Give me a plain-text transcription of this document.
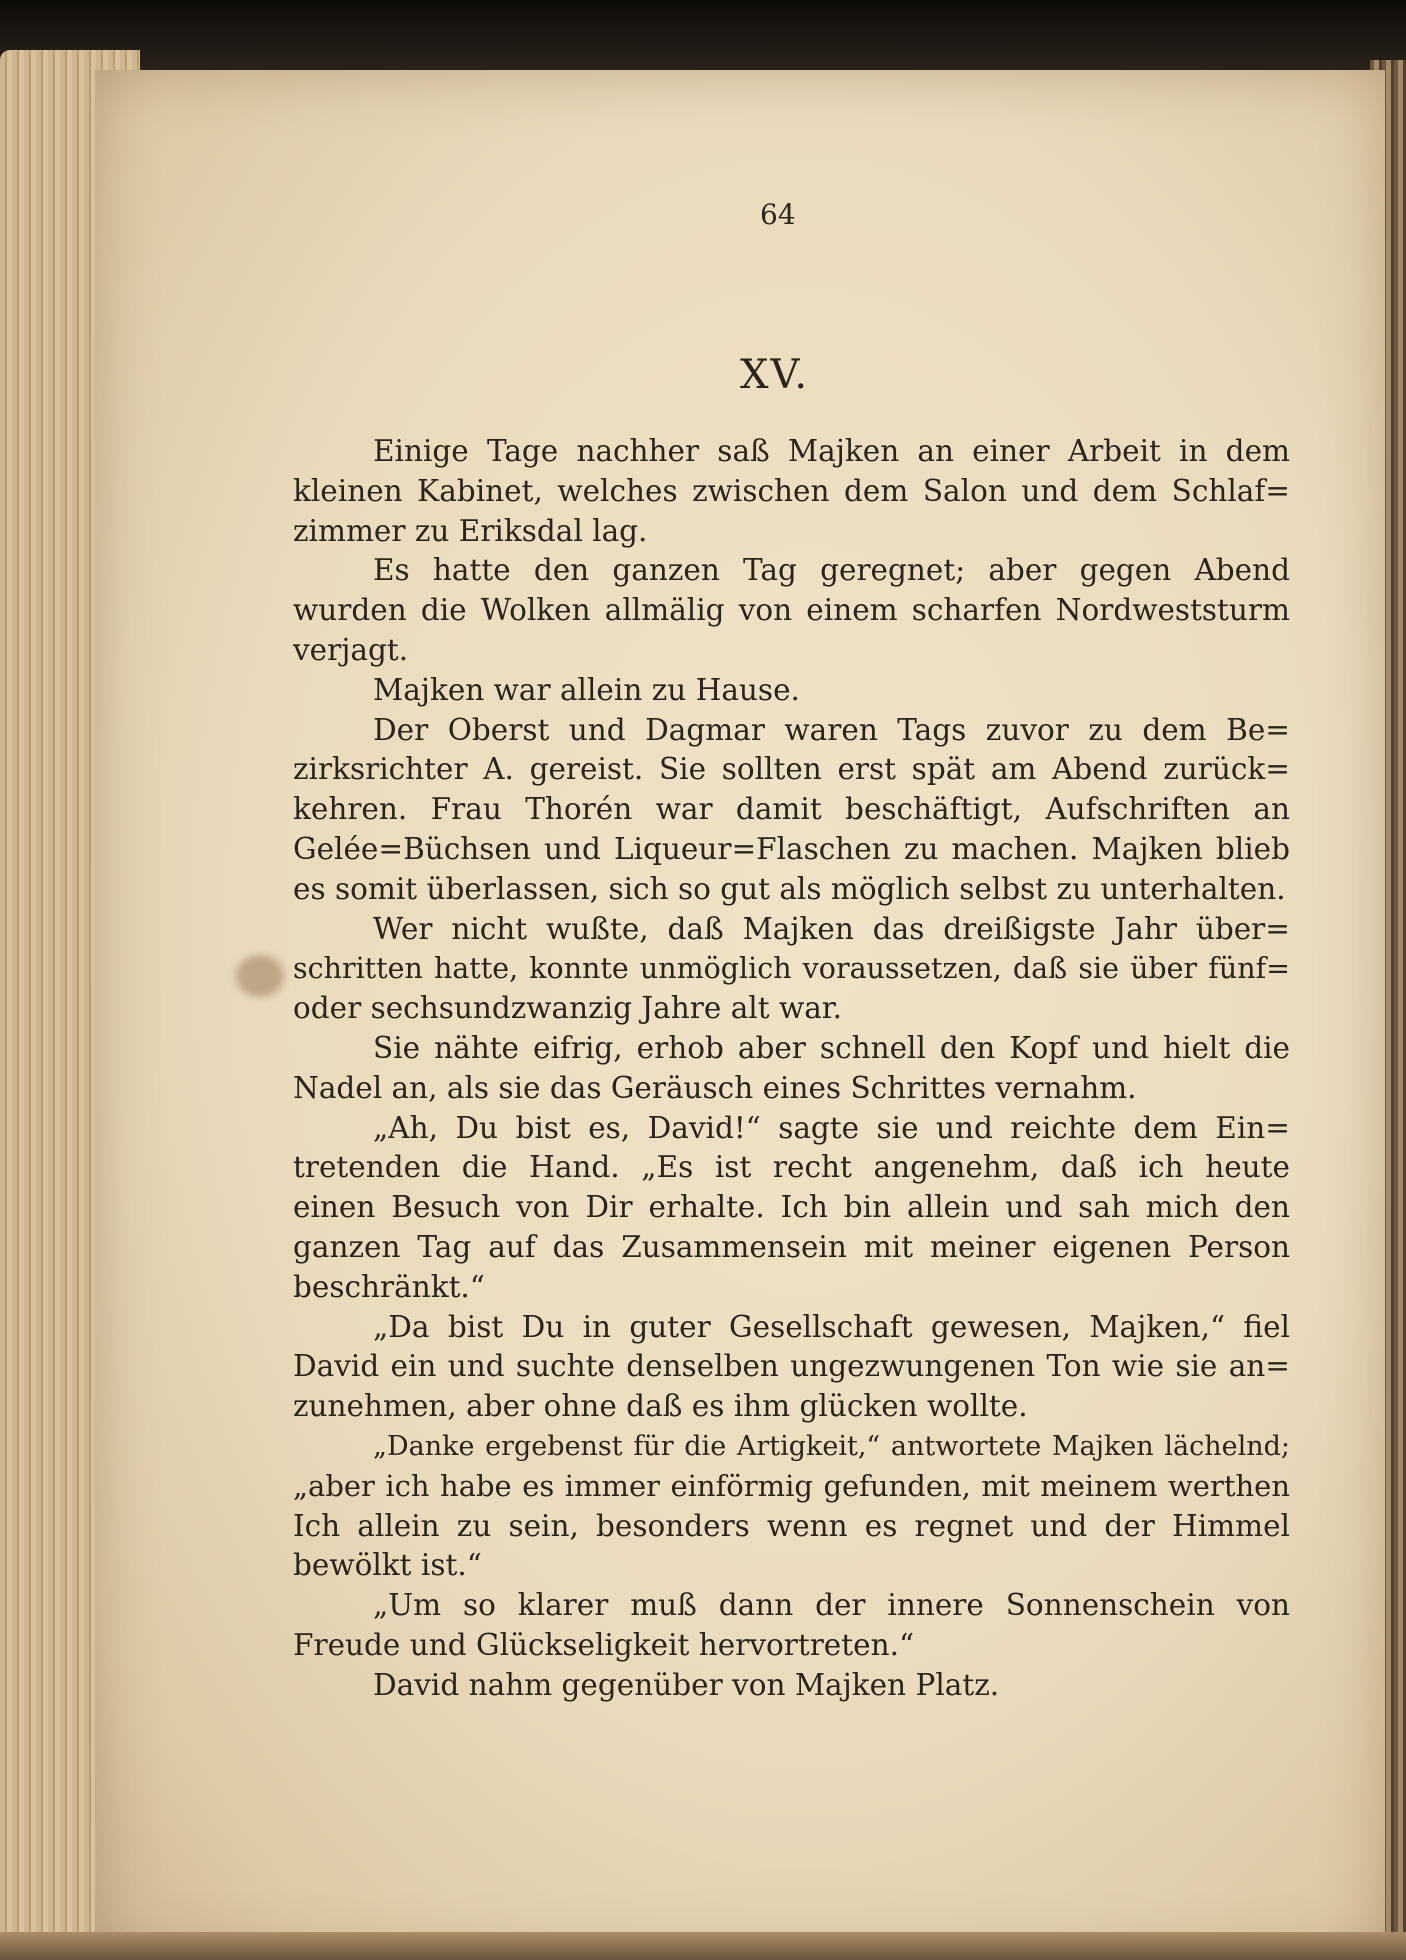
64
XV.
Einige Tage nachher saß Majken an einer Arbeit in dem
kleinen Kabinet, welches zwischen dem Salon und dem Schlaf=
zimmer zu Eriksdal lag.
Es hatte den ganzen Tag geregnet; aber gegen Abend
wurden die Wolken allmälig von einem scharfen Nordweststurm
verjagt.
Majken war allein zu Hause.
Der Oberst und Dagmar waren Tags zuvor zu dem Be=
zirksrichter A. gereist. Sie sollten erst spät am Abend zurück=
kehren. Frau Thorén war damit beschäftigt, Aufschriften an
Gelée=Büchsen und Liqueur=Flaschen zu machen. Majken blieb
es somit überlassen, sich so gut als möglich selbst zu unterhalten.
Wer nicht wußte, daß Majken das dreißigste Jahr über=
schritten hatte, konnte unmöglich voraussetzen, daß sie über fünf=
oder sechsundzwanzig Jahre alt war.
Sie nähte eifrig, erhob aber schnell den Kopf und hielt die
Nadel an, als sie das Geräusch eines Schrittes vernahm.
„Ah, Du bist es, David!“ sagte sie und reichte dem Ein=
tretenden die Hand. „Es ist recht angenehm, daß ich heute
einen Besuch von Dir erhalte. Ich bin allein und sah mich den
ganzen Tag auf das Zusammensein mit meiner eigenen Person
beschränkt.“
„Da bist Du in guter Gesellschaft gewesen, Majken,“ fiel
David ein und suchte denselben ungezwungenen Ton wie sie an=
zunehmen, aber ohne daß es ihm glücken wollte.
„Danke ergebenst für die Artigkeit,“ antwortete Majken lächelnd;
„aber ich habe es immer einförmig gefunden, mit meinem werthen
Ich allein zu sein, besonders wenn es regnet und der Himmel
bewölkt ist.“
„Um so klarer muß dann der innere Sonnenschein von
Freude und Glückseligkeit hervortreten.“
David nahm gegenüber von Majken Platz.
